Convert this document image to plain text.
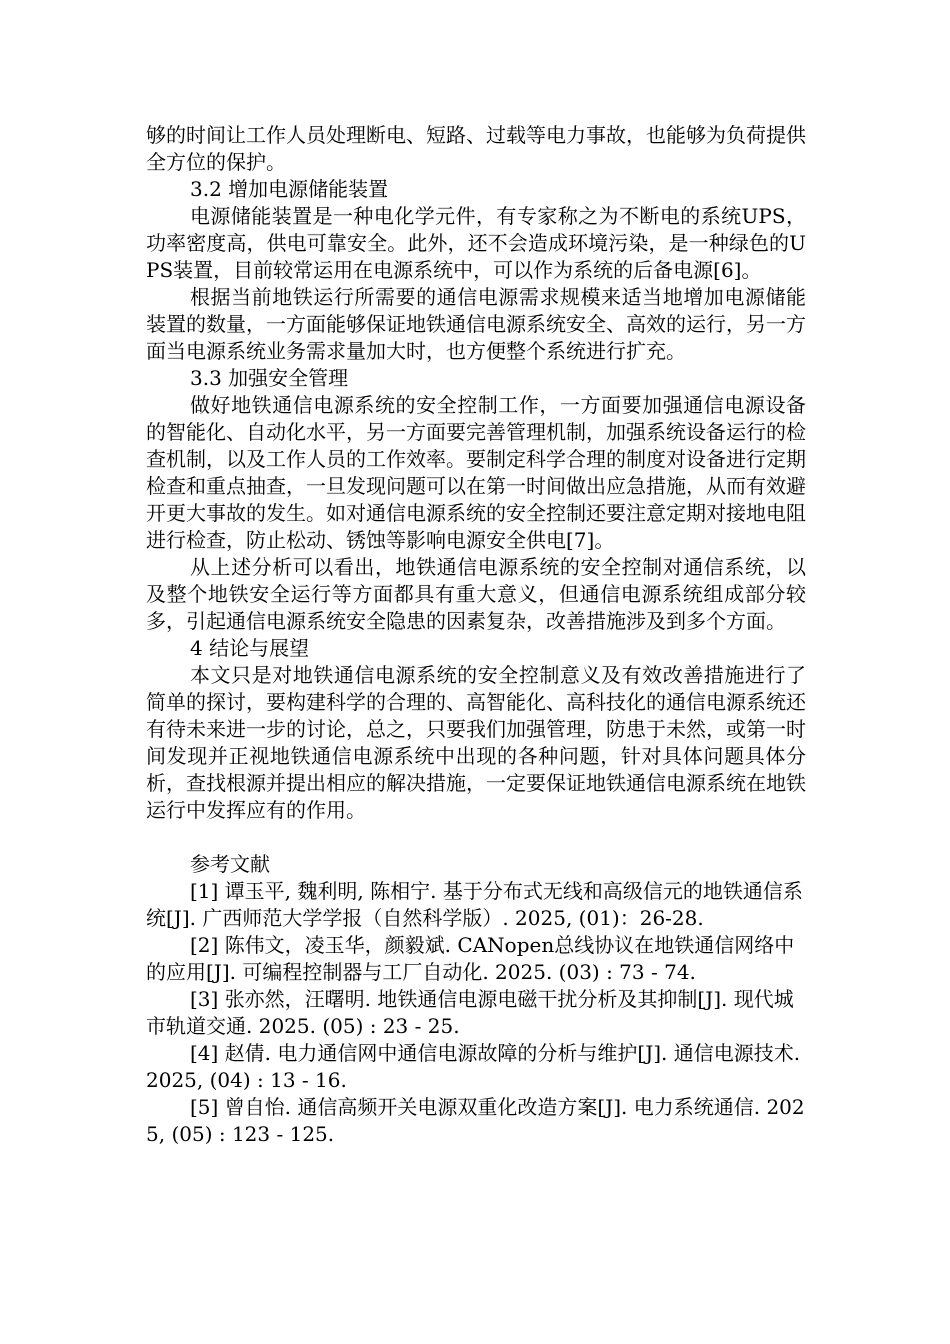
够的时间让工作人员处理断电、短路、过载等电力事故，也能够为负荷提供全方位的保护。

3.2 增加电源储能装置

电源储能装置是一种电化学元件，有专家称之为不断电的系统UPS，功率密度高，供电可靠安全。此外，还不会造成环境污染，是一种绿色的UPS装置，目前较常运用在电源系统中，可以作为系统的后备电源[6]。

根据当前地铁运行所需要的通信电源需求规模来适当地增加电源储能装置的数量，一方面能够保证地铁通信电源系统安全、高效的运行，另一方面当电源系统业务需求量加大时，也方便整个系统进行扩充。

3.3 加强安全管理

做好地铁通信电源系统的安全控制工作，一方面要加强通信电源设备的智能化、自动化水平，另一方面要完善管理机制，加强系统设备运行的检查机制，以及工作人员的工作效率。要制定科学合理的制度对设备进行定期检查和重点抽查，一旦发现问题可以在第一时间做出应急措施，从而有效避开更大事故的发生。如对通信电源系统的安全控制还要注意定期对接地电阻进行检查，防止松动、锈蚀等影响电源安全供电[7]。

从上述分析可以看出，地铁通信电源系统的安全控制对通信系统，以及整个地铁安全运行等方面都具有重大意义，但通信电源系统组成部分较多，引起通信电源系统安全隐患的因素复杂，改善措施涉及到多个方面。

4 结论与展望

本文只是对地铁通信电源系统的安全控制意义及有效改善措施进行了简单的探讨，要构建科学的合理的、高智能化、高科技化的通信电源系统还有待未来进一步的讨论，总之，只要我们加强管理，防患于未然，或第一时间发现并正视地铁通信电源系统中出现的各种问题，针对具体问题具体分析，查找根源并提出相应的解决措施，一定要保证地铁通信电源系统在地铁运行中发挥应有的作用。

参考文献

[1] 谭玉平, 魏利明, 陈相宁. 基于分布式无线和高级信元的地铁通信系统[J]. 广西师范大学学报（自然科学版）. 2025, (01)：26-28.

[2] 陈伟文，凌玉华，颜毅斌. CANopen总线协议在地铁通信网络中的应用[J]. 可编程控制器与工厂自动化. 2025. (03) : 73 - 74.

[3] 张亦然，汪曙明. 地铁通信电源电磁干扰分析及其抑制[J]. 现代城市轨道交通. 2025. (05) : 23 - 25.

[4] 赵倩. 电力通信网中通信电源故障的分析与维护[J]. 通信电源技术. 2025, (04) : 13 - 16.

[5] 曾自怡. 通信高频开关电源双重化改造方案[J]. 电力系统通信. 2025, (05) : 123 - 125.
